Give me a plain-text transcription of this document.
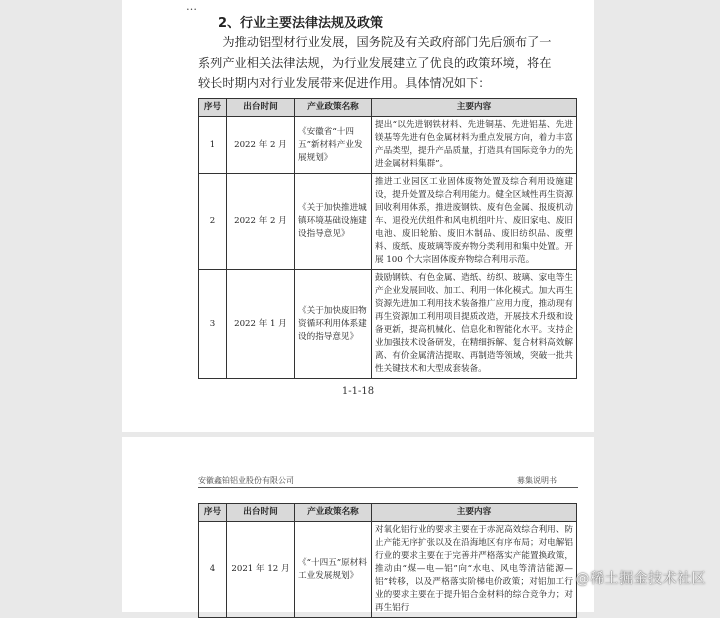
…
2、行业主要法律法规及政策
为推动铝型材行业发展，国务院及有关政府部门先后颁布了一系列产业相关法律法规，为行业发展建立了优良的政策环境，将在较长时期内对行业发展带来促进作用。具体情况如下：
序号	出台时间	产业政策名称	主要内容
1	2022 年 2 月	《安徽省“十四五”新材料产业发展规划》	提出“以先进钢铁材料、先进铜基、先进铝基、先进镁基等先进有色金属材料为重点发展方向，着力丰富产品类型，提升产品质量，打造具有国际竞争力的先进金属材料集群”。
2	2022 年 2 月	《关于加快推进城镇环境基础设施建设指导意见》	推进工业园区工业固体废物处置及综合利用设施建设，提升处置及综合利用能力。健全区域性再生资源回收利用体系，推进废钢铁、废有色金属、报废机动车、退役光伏组件和风电机组叶片、废旧家电、废旧电池、废旧轮胎、废旧木制品、废旧纺织品、废塑料、废纸、废玻璃等废弃物分类利用和集中处置。开展 100 个大宗固体废弃物综合利用示范。
3	2022 年 1 月	《关于加快废旧物资循环利用体系建设的指导意见》	鼓励钢铁、有色金属、造纸、纺织、玻璃、家电等生产企业发展回收、加工、利用一体化模式。加大再生资源先进加工利用技术装备推广应用力度，推动现有再生资源加工利用项目提质改造，开展技术升级和设备更新，提高机械化、信息化和智能化水平。支持企业加强技术设备研发，在精细拆解、复合材料高效解离、有价金属清洁提取、再制造等领域，突破一批共性关键技术和大型成套装备。
1-1-18
安徽鑫铂铝业股份有限公司	募集说明书
序号	出台时间	产业政策名称	主要内容
4	2021 年 12 月	《“十四五”原材料工业发展规划》	对氧化铝行业的要求主要在于赤泥高效综合利用、防止产能无序扩张以及在沿海地区有序布局；对电解铝行业的要求主要在于完善并严格落实产能置换政策，推动由“煤—电—铝”向“水电、风电等清洁能源—铝”转移，以及严格落实阶梯电价政策；对铝加工行业的要求主要在于提升铝合金材料的综合竞争力；对再生铝行
@稀土掘金技术社区
